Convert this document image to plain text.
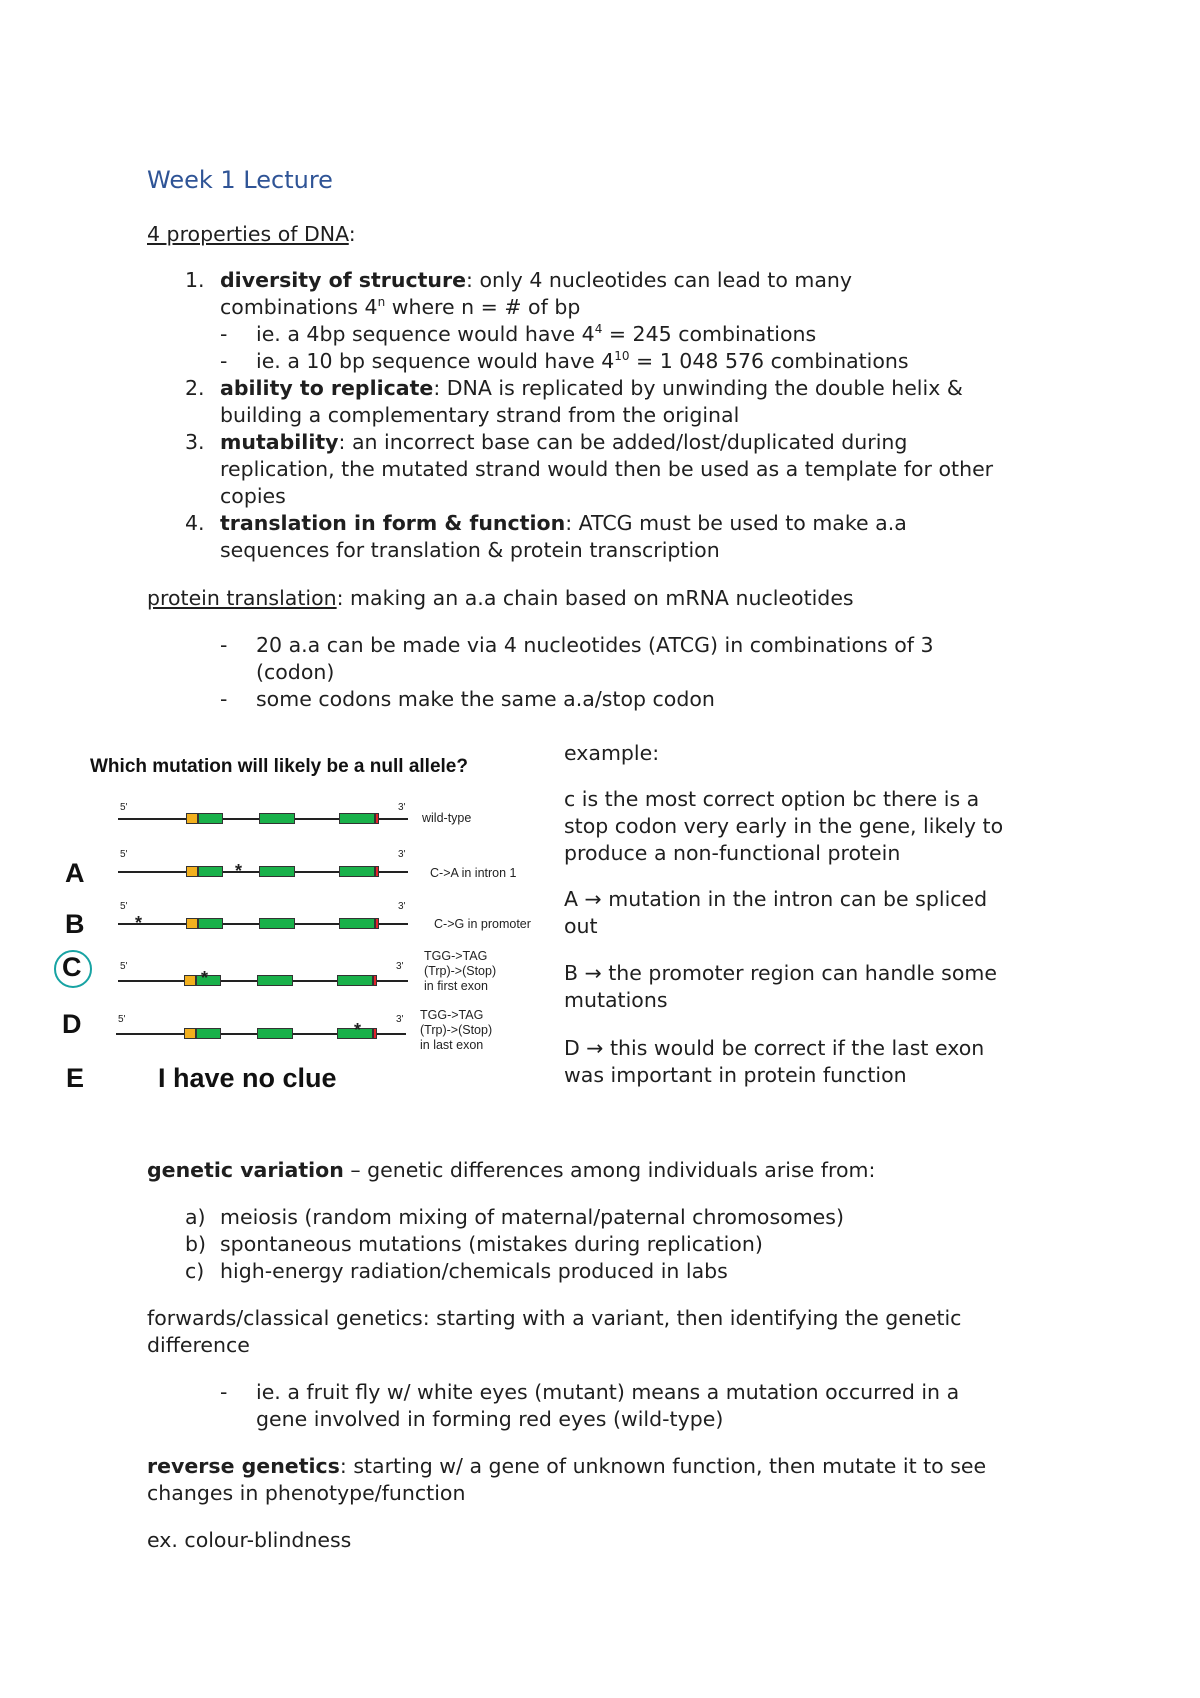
Week 1 Lecture
4 properties of DNA:
1. diversity of structure: only 4 nucleotides can lead to many
combinations 4$^n$ where n = # of bp
- ie. a 4bp sequence would have $4^4 = 245$ combinations
- ie. a 10 bp sequence would have $4^{10} = 1$ 048 576 combinations
2. ability to replicate: DNA is replicated by unwinding the double helix &
building a complementary strand from the original
3. mutability: an incorrect base can be added/lost/duplicated during
replication, the mutated strand would then be used as a template for other
copies
4. translation in form & function: ATCG must be used to make a.a
sequences for translation & protein transcription
protein translation: making an a.a chain based on mRNA nucleotides
- 20 a.a can be made via 4 nucleotides (ATCG) in combinations of 3
(codon)
- some codons make the same a.a/stop codon
Which mutation will likely be a null allele?
5'	3'
wild-type
A
5'	3'
*	C->A in intron 1
B
5'	3'
*	C->G in promoter
C	5'	3'
*
TGG->TAG
(Trp)->(Stop)
in first exon
D	5'	3'
*
TGG->TAG
(Trp)->(Stop)
in last exon
E	I have no clue
example:
c is the most correct option bc there is a
stop codon very early in the gene, likely to
produce a non-functional protein
A → mutation in the intron can be spliced
out
B → the promoter region can handle some
mutations
D → this would be correct if the last exon
was important in protein function
genetic variation – genetic differences among individuals arise from:
a) meiosis (random mixing of maternal/paternal chromosomes)
b) spontaneous mutations (mistakes during replication)
c) high-energy radiation/chemicals produced in labs
forwards/classical genetics: starting with a variant, then identifying the genetic
difference
- ie. a fruit fly w/ white eyes (mutant) means a mutation occurred in a
gene involved in forming red eyes (wild-type)
reverse genetics: starting w/ a gene of unknown function, then mutate it to see
changes in phenotype/function
ex. colour-blindness
